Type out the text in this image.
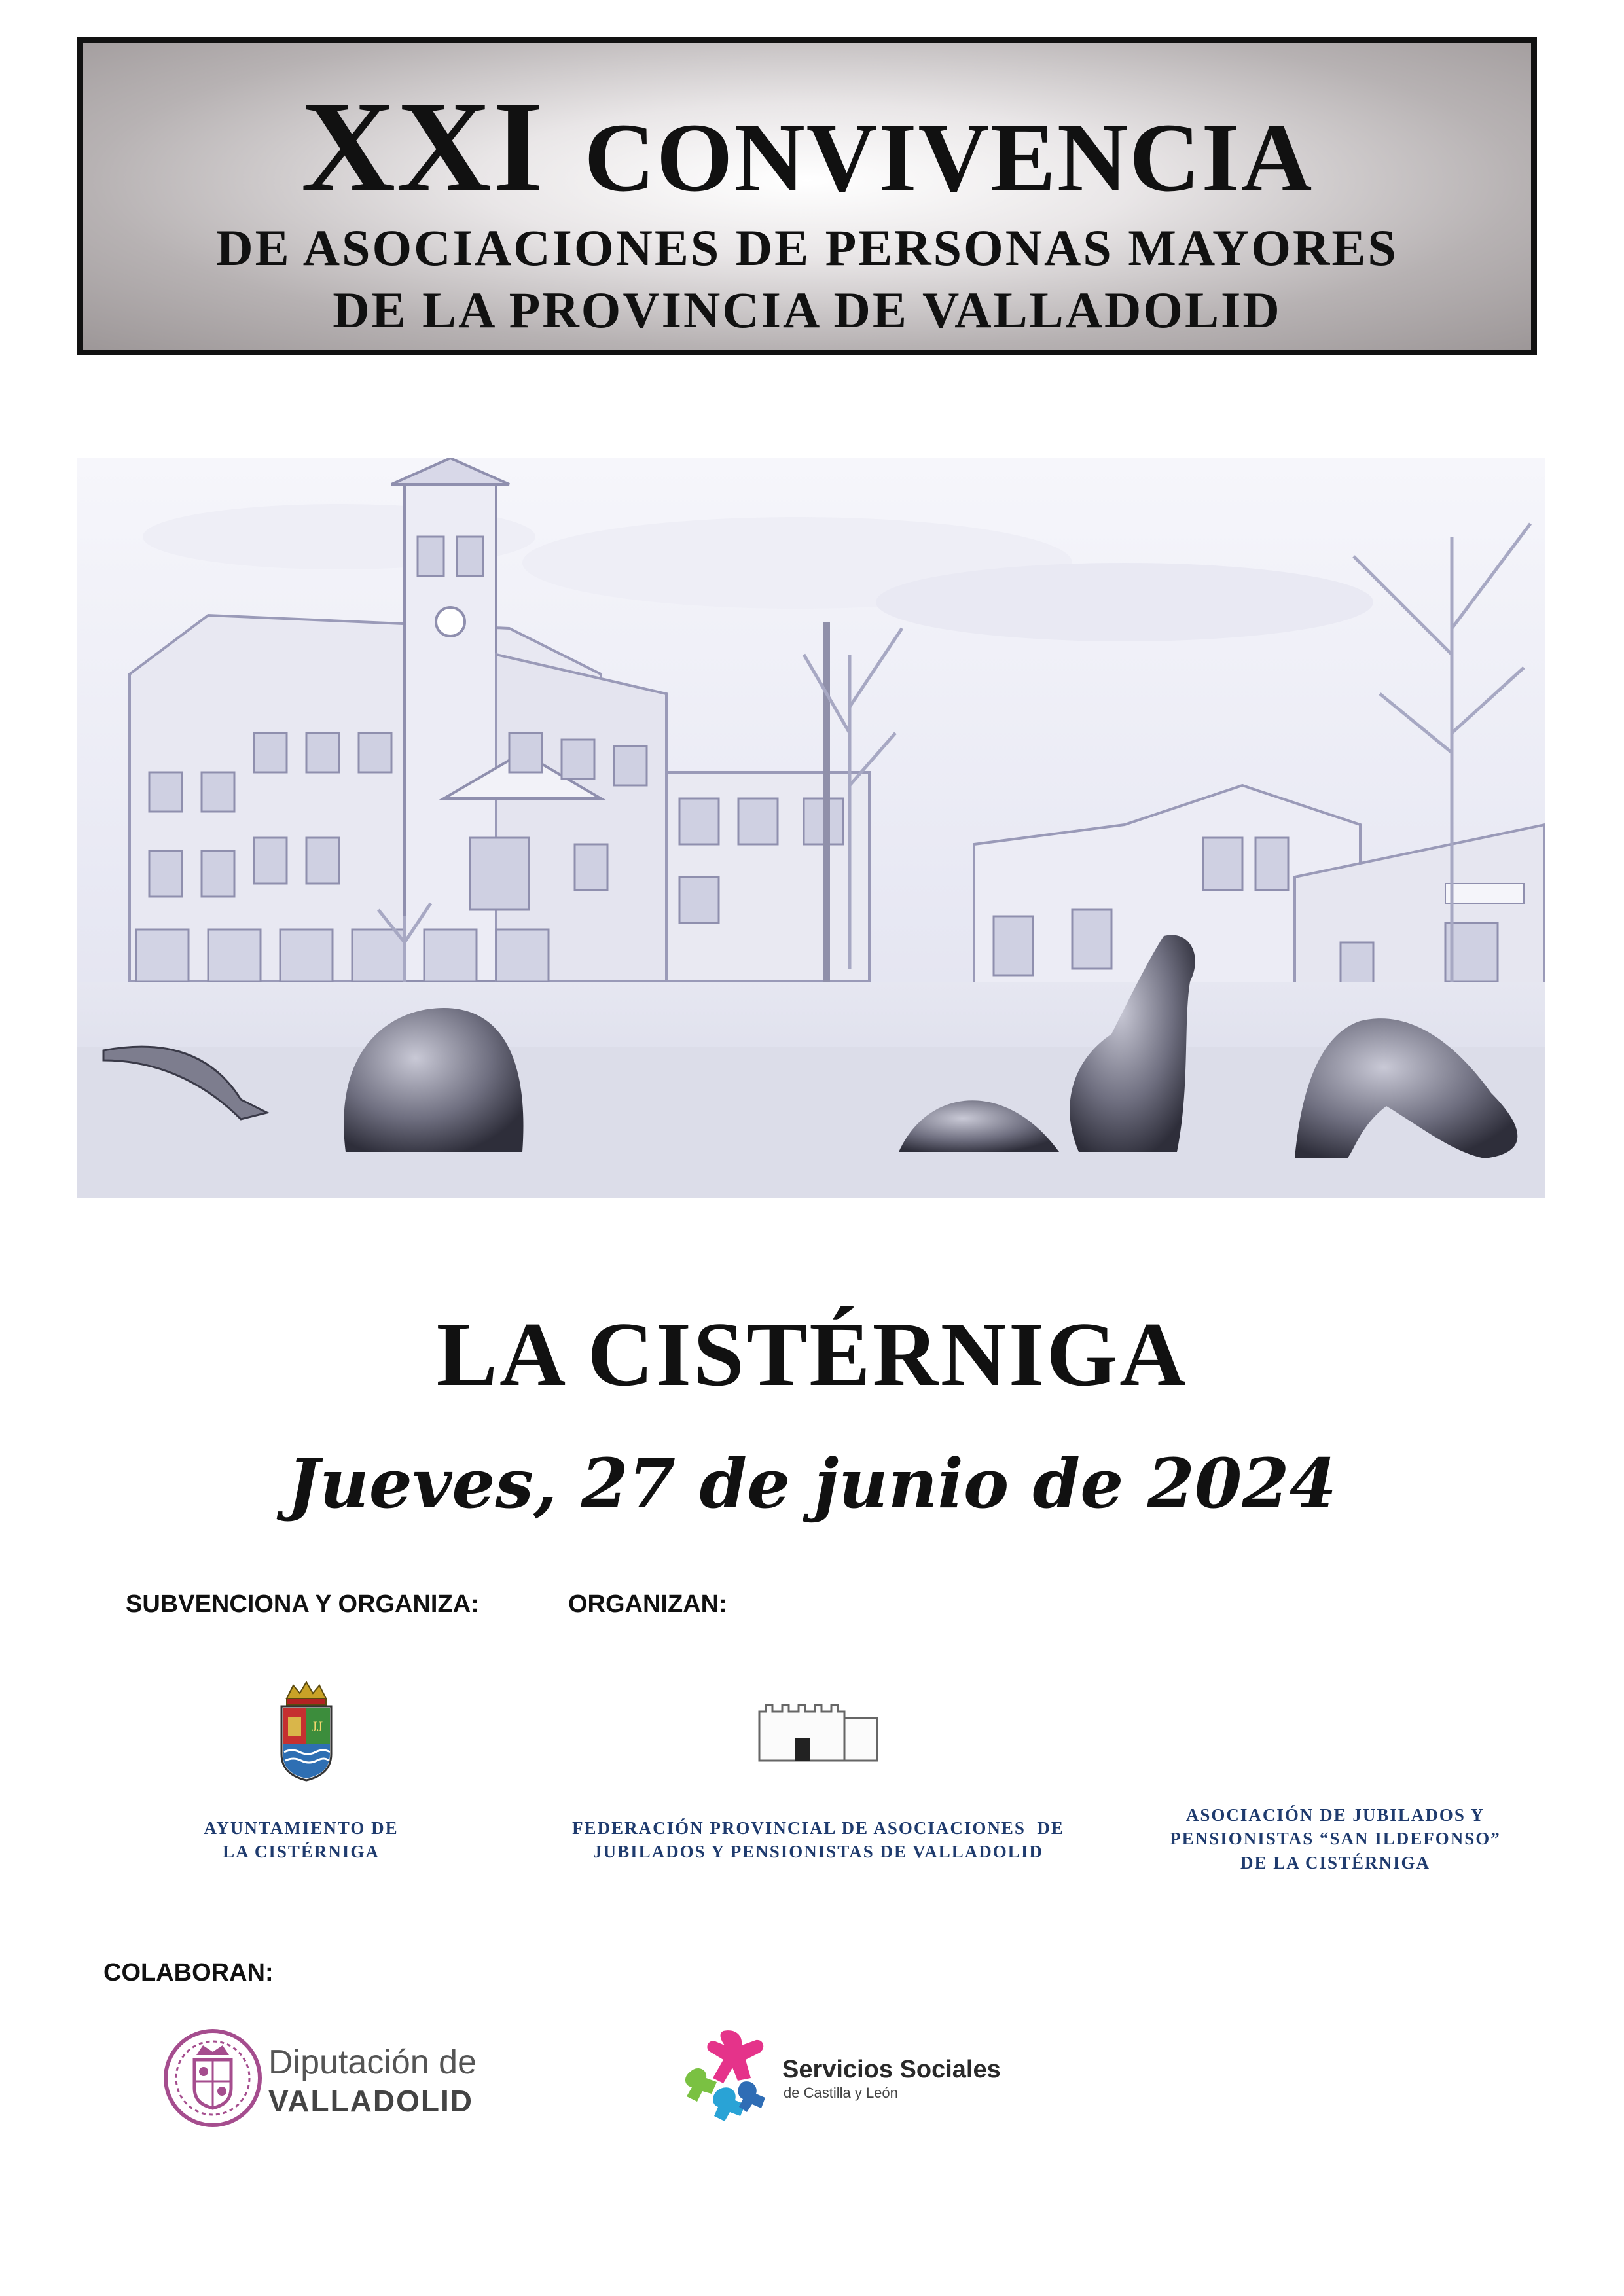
XXI CONVIVENCIA
DE ASOCIACIONES DE PERSONAS MAYORES
DE LA PROVINCIA DE VALLADOLID
LA CISTÉRNIGA
Jueves, 27 de junio de 2024
SUBVENCIONA Y ORGANIZA:	ORGANIZAN:
JJ
AYUNTAMIENTO DE
LA CISTÉRNIGA
FEDERACIÓN PROVINCIAL DE ASOCIACIONES  DE
JUBILADOS Y PENSIONISTAS DE VALLADOLID
ASOCIACIÓN DE JUBILADOS Y
PENSIONISTAS “SAN ILDEFONSO”
DE LA CISTÉRNIGA
COLABORAN:
Diputación de
VALLADOLID
Servicios Sociales
de Castilla y León
